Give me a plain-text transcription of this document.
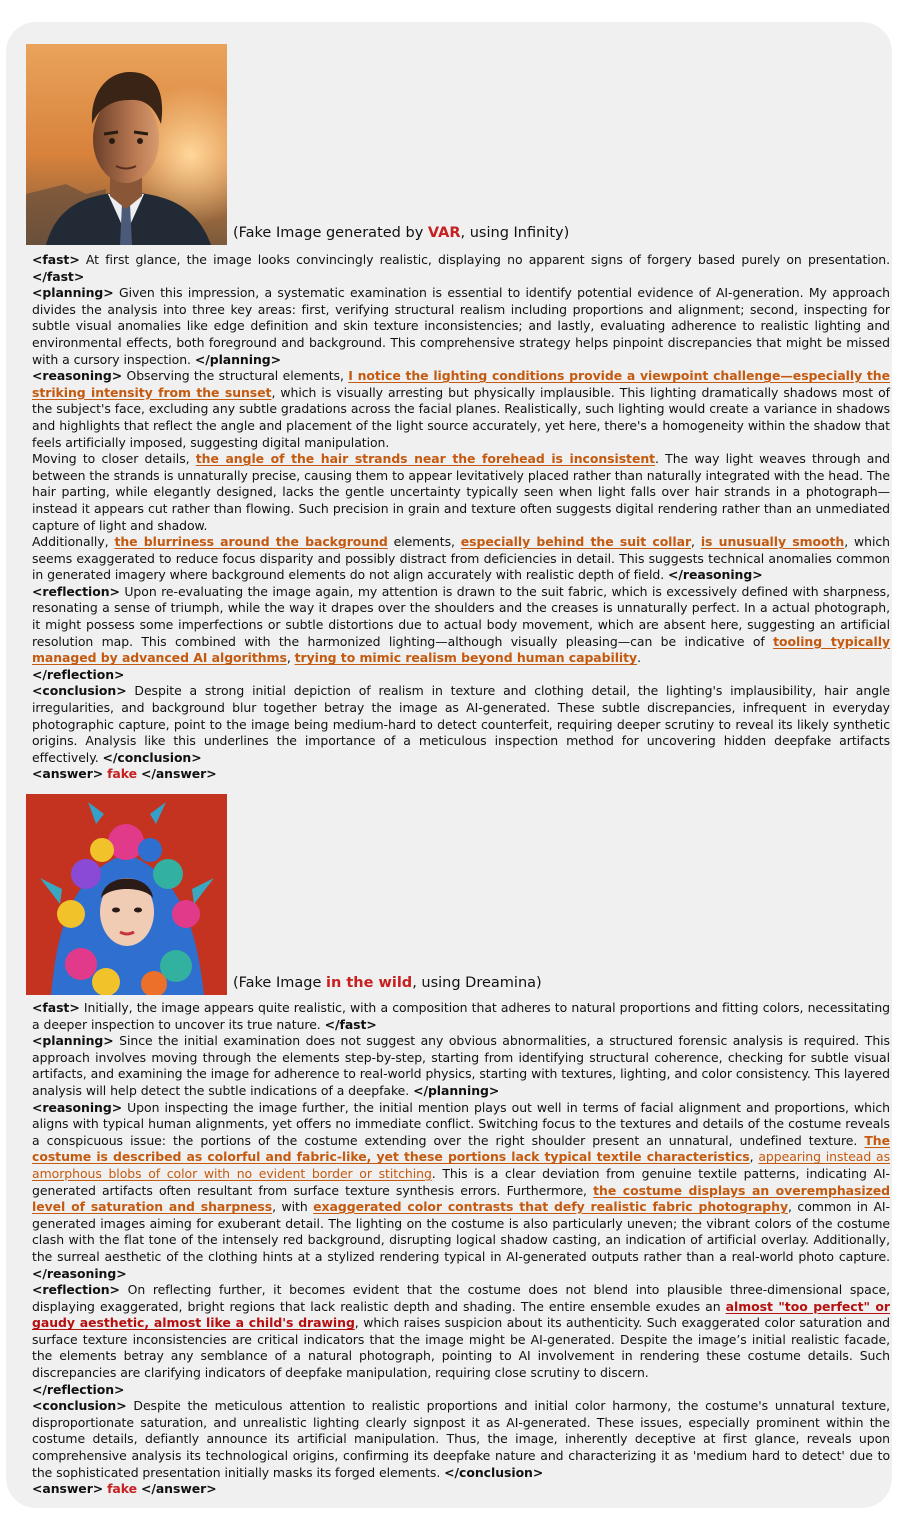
(Fake Image generated by VAR, using Infinity)

<fast> At first glance, the image looks convincingly realistic, displaying no apparent signs of forgery based purely on presentation. </fast>

<planning> Given this impression, a systematic examination is essential to identify potential evidence of AI-generation. My approach divides the analysis into three key areas: first, verifying structural realism including proportions and alignment; second, inspecting for subtle visual anomalies like edge definition and skin texture inconsistencies; and lastly, evaluating adherence to realistic lighting and environmental effects, both foreground and background. This comprehensive strategy helps pinpoint discrepancies that might be missed with a cursory inspection. </planning>

<reasoning> Observing the structural elements, I notice the lighting conditions provide a viewpoint challenge—especially the striking intensity from the sunset, which is visually arresting but physically implausible. This lighting dramatically shadows most of the subject's face, excluding any subtle gradations across the facial planes. Realistically, such lighting would create a variance in shadows and highlights that reflect the angle and placement of the light source accurately, yet here, there's a homogeneity within the shadow that feels artificially imposed, suggesting digital manipulation.

Moving to closer details, the angle of the hair strands near the forehead is inconsistent. The way light weaves through and between the strands is unnaturally precise, causing them to appear levitatively placed rather than naturally integrated with the head. The hair parting, while elegantly designed, lacks the gentle uncertainty typically seen when light falls over hair strands in a photograph—instead it appears cut rather than flowing. Such precision in grain and texture often suggests digital rendering rather than an unmediated capture of light and shadow.

Additionally, the blurriness around the background elements, especially behind the suit collar, is unusually smooth, which seems exaggerated to reduce focus disparity and possibly distract from deficiencies in detail. This suggests technical anomalies common in generated imagery where background elements do not align accurately with realistic depth of field. </reasoning>

<reflection> Upon re-evaluating the image again, my attention is drawn to the suit fabric, which is excessively defined with sharpness, resonating a sense of triumph, while the way it drapes over the shoulders and the creases is unnaturally perfect. In a actual photograph, it might possess some imperfections or subtle distortions due to actual body movement, which are absent here, suggesting an artificial resolution map. This combined with the harmonized lighting—although visually pleasing—can be indicative of tooling typically managed by advanced AI algorithms, trying to mimic realism beyond human capability.

</reflection>

<conclusion> Despite a strong initial depiction of realism in texture and clothing detail, the lighting's implausibility, hair angle irregularities, and background blur together betray the image as AI-generated. These subtle discrepancies, infrequent in everyday photographic capture, point to the image being medium-hard to detect counterfeit, requiring deeper scrutiny to reveal its likely synthetic origins. Analysis like this underlines the importance of a meticulous inspection method for uncovering hidden deepfake artifacts effectively. </conclusion>

<answer> fake </answer>

(Fake Image in the wild, using Dreamina)

<fast> Initially, the image appears quite realistic, with a composition that adheres to natural proportions and fitting colors, necessitating a deeper inspection to uncover its true nature. </fast>

<planning> Since the initial examination does not suggest any obvious abnormalities, a structured forensic analysis is required. This approach involves moving through the elements step-by-step, starting from identifying structural coherence, checking for subtle visual artifacts, and examining the image for adherence to real-world physics, starting with textures, lighting, and color consistency. This layered analysis will help detect the subtle indications of a deepfake. </planning>

<reasoning> Upon inspecting the image further, the initial mention plays out well in terms of facial alignment and proportions, which aligns with typical human alignments, yet offers no immediate conflict. Switching focus to the textures and details of the costume reveals a conspicuous issue: the portions of the costume extending over the right shoulder present an unnatural, undefined texture. The costume is described as colorful and fabric-like, yet these portions lack typical textile characteristics, appearing instead as amorphous blobs of color with no evident border or stitching. This is a clear deviation from genuine textile patterns, indicating AI-generated artifacts often resultant from surface texture synthesis errors. Furthermore, the costume displays an overemphasized level of saturation and sharpness, with exaggerated color contrasts that defy realistic fabric photography, common in AI-generated images aiming for exuberant detail. The lighting on the costume is also particularly uneven; the vibrant colors of the costume clash with the flat tone of the intensely red background, disrupting logical shadow casting, an indication of artificial overlay. Additionally, the surreal aesthetic of the clothing hints at a stylized rendering typical in AI-generated outputs rather than a real-world photo capture. </reasoning>

<reflection> On reflecting further, it becomes evident that the costume does not blend into plausible three-dimensional space, displaying exaggerated, bright regions that lack realistic depth and shading. The entire ensemble exudes an almost "too perfect" or gaudy aesthetic, almost like a child's drawing, which raises suspicion about its authenticity. Such exaggerated color saturation and surface texture inconsistencies are critical indicators that the image might be AI-generated. Despite the image’s initial realistic facade, the elements betray any semblance of a natural photograph, pointing to AI involvement in rendering these costume details. Such discrepancies are clarifying indicators of deepfake manipulation, requiring close scrutiny to discern.

</reflection>

<conclusion> Despite the meticulous attention to realistic proportions and initial color harmony, the costume's unnatural texture, disproportionate saturation, and unrealistic lighting clearly signpost it as AI-generated. These issues, especially prominent within the costume details, defiantly announce its artificial manipulation. Thus, the image, inherently deceptive at first glance, reveals upon comprehensive analysis its technological origins, confirming its deepfake nature and characterizing it as 'medium hard to detect' due to the sophisticated presentation initially masks its forged elements. </conclusion>

<answer> fake </answer>
